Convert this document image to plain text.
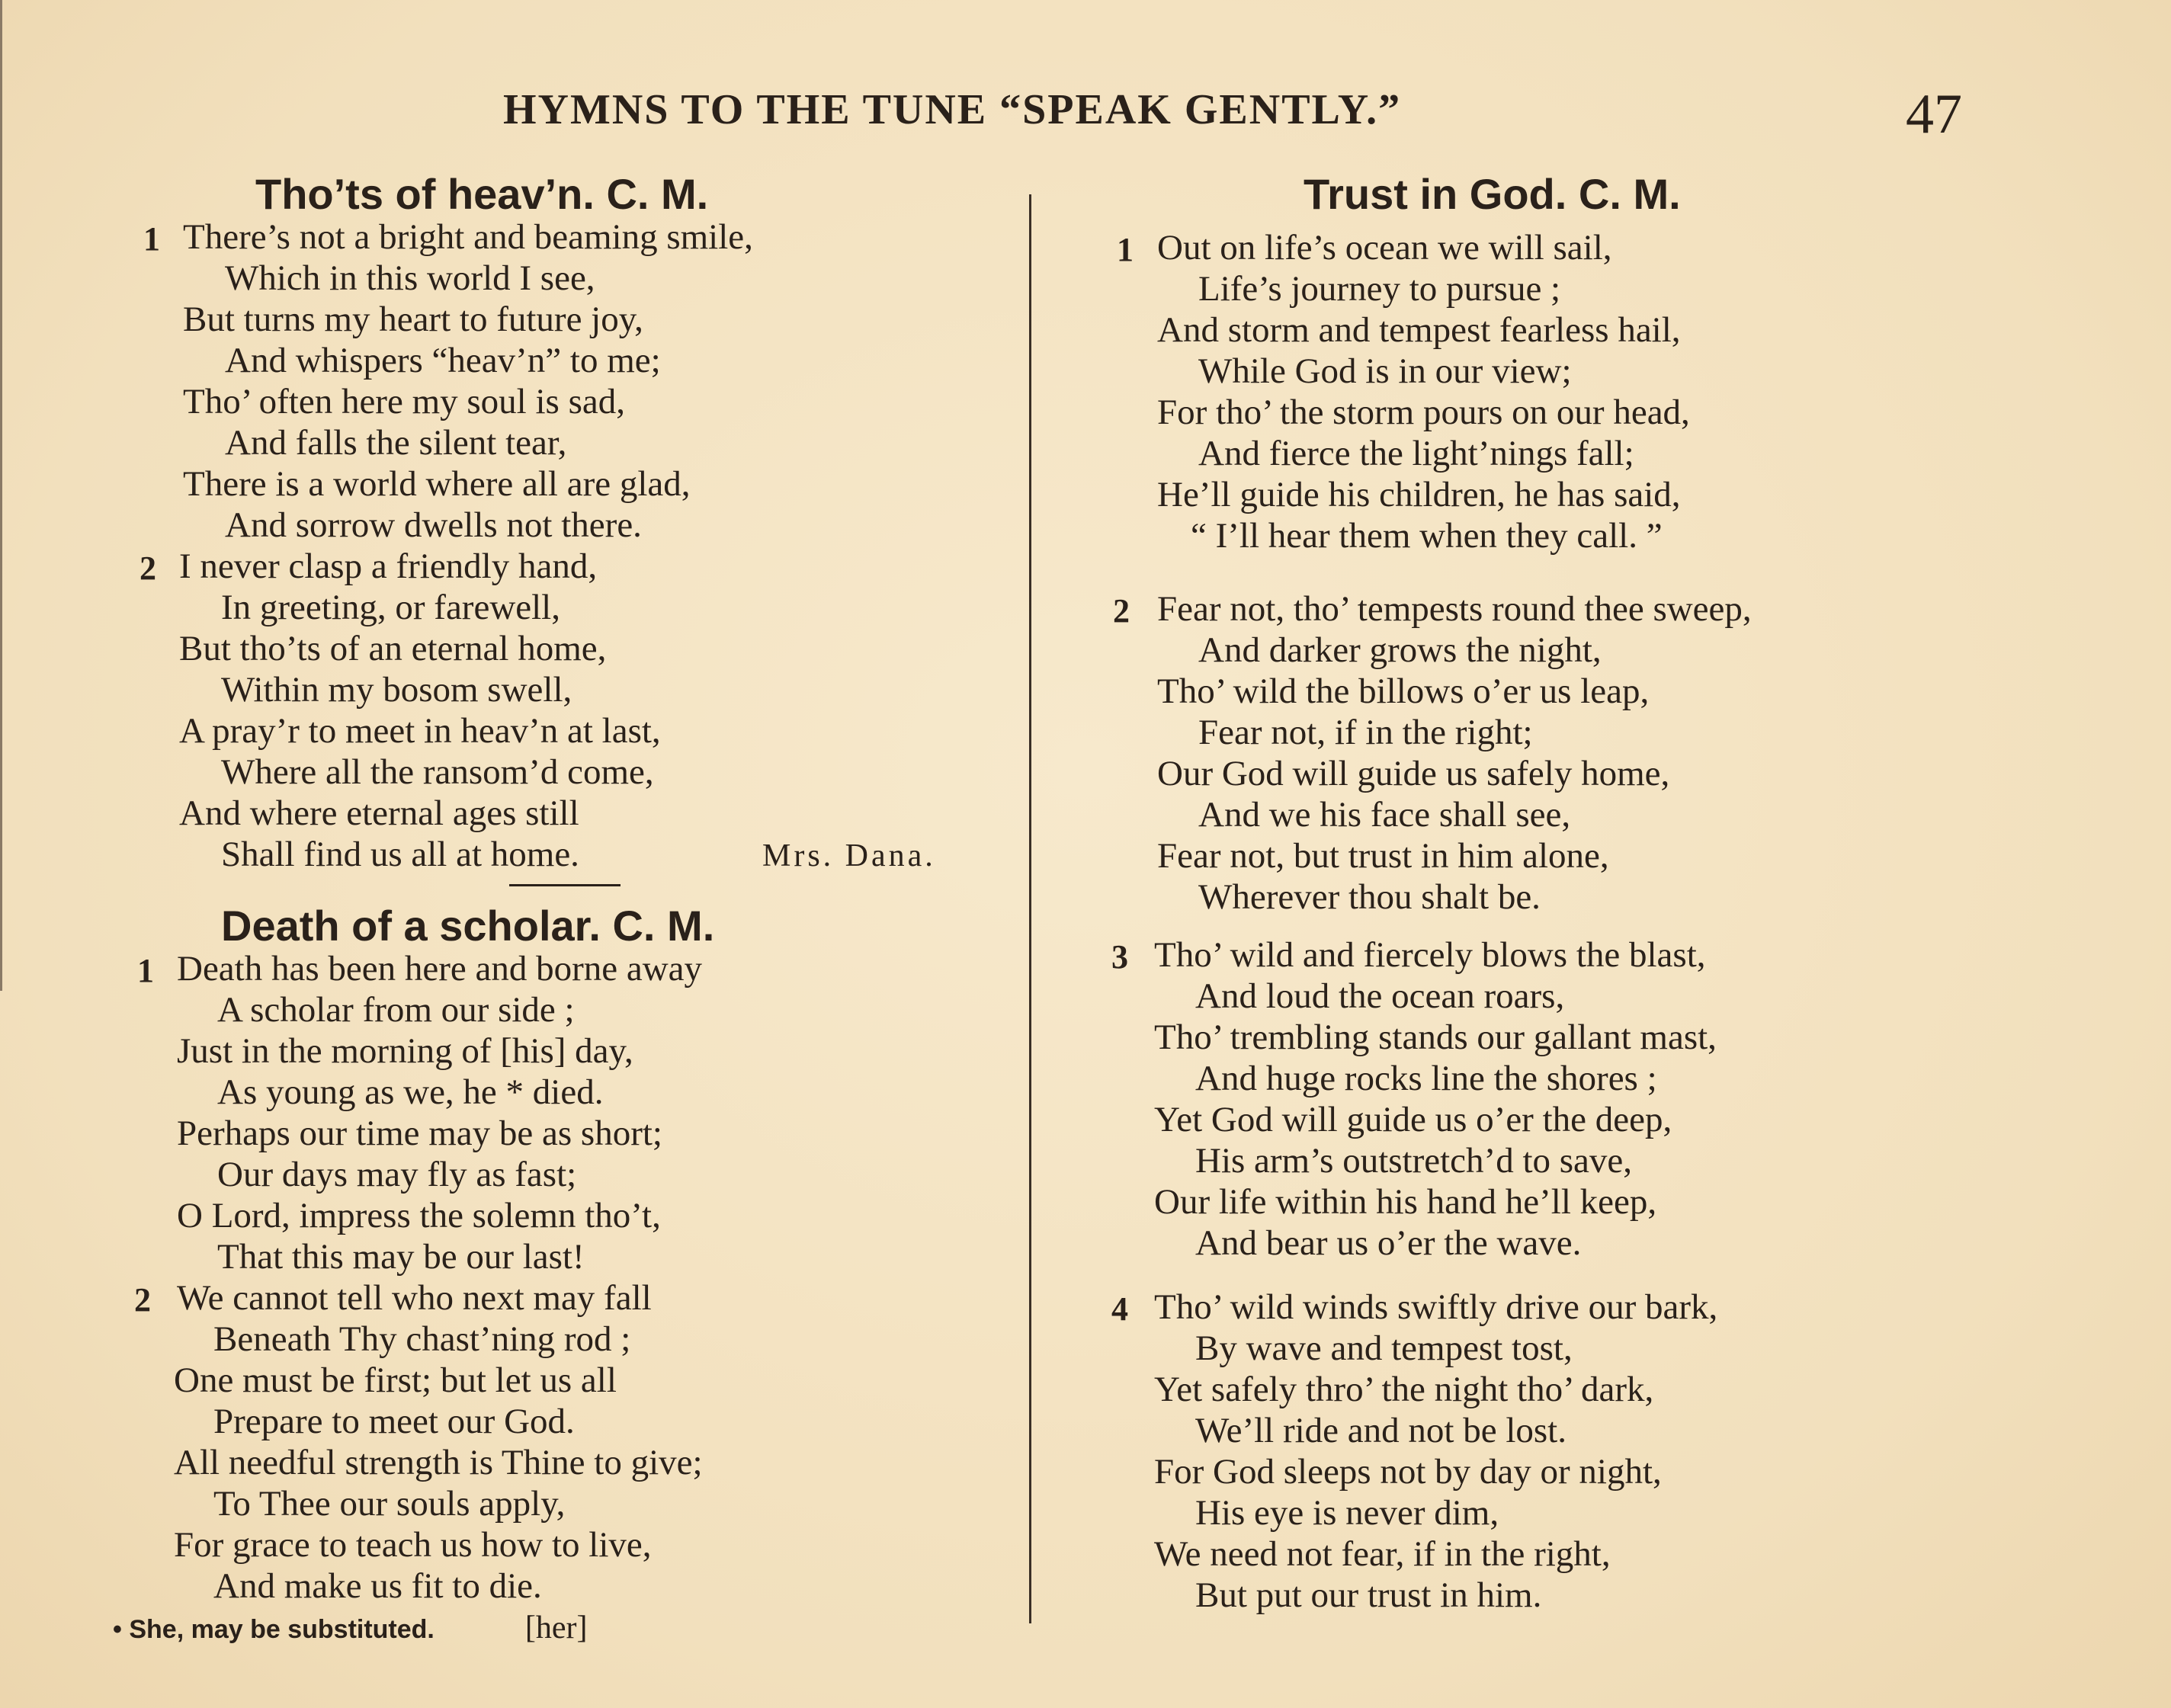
HYMNS TO THE TUNE “SPEAK GENTLY.”	47
Tho’ts of heav’n. C. M.
1 There’s not a bright and beaming smile,
Which in this world I see,
But turns my heart to future joy,
And whispers “heav’n” to me;
Tho’ often here my soul is sad,
And falls the silent tear,
There is a world where all are glad,
And sorrow dwells not there.
2 I never clasp a friendly hand,
In greeting, or farewell,
But tho’ts of an eternal home,
Within my bosom swell,
A pray’r to meet in heav’n at last,
Where all the ransom’d come,
And where eternal ages still
Shall find us all at home.	Mrs. Dana.
Death of a scholar. C. M.
1 Death has been here and borne away
A scholar from our side ;
Just in the morning of [his] day,
As young as we, he * died.
Perhaps our time may be as short;
Our days may fly as fast;
O Lord, impress the solemn tho’t,
That this may be our last!
2 We cannot tell who next may fall
Beneath Thy chast’ning rod ;
One must be first; but let us all
Prepare to meet our God.
All needful strength is Thine to give;
To Thee our souls apply,
For grace to teach us how to live,
And make us fit to die.
• She, may be substituted.	[her]
Trust in God. C. M.
1 Out on life’s ocean we will sail,
Life’s journey to pursue ;
And storm and tempest fearless hail,
While God is in our view;
For tho’ the storm pours on our head,
And fierce the light’nings fall;
He’ll guide his children, he has said,
“ I’ll hear them when they call. ”
2 Fear not, tho’ tempests round thee sweep,
And darker grows the night,
Tho’ wild the billows o’er us leap,
Fear not, if in the right;
Our God will guide us safely home,
And we his face shall see,
Fear not, but trust in him alone,
Wherever thou shalt be.
3 Tho’ wild and fiercely blows the blast,
And loud the ocean roars,
Tho’ trembling stands our gallant mast,
And huge rocks line the shores ;
Yet God will guide us o’er the deep,
His arm’s outstretch’d to save,
Our life within his hand he’ll keep,
And bear us o’er the wave.
4 Tho’ wild winds swiftly drive our bark,
By wave and tempest tost,
Yet safely thro’ the night tho’ dark,
We’ll ride and not be lost.
For God sleeps not by day or night,
His eye is never dim,
We need not fear, if in the right,
But put our trust in him.
